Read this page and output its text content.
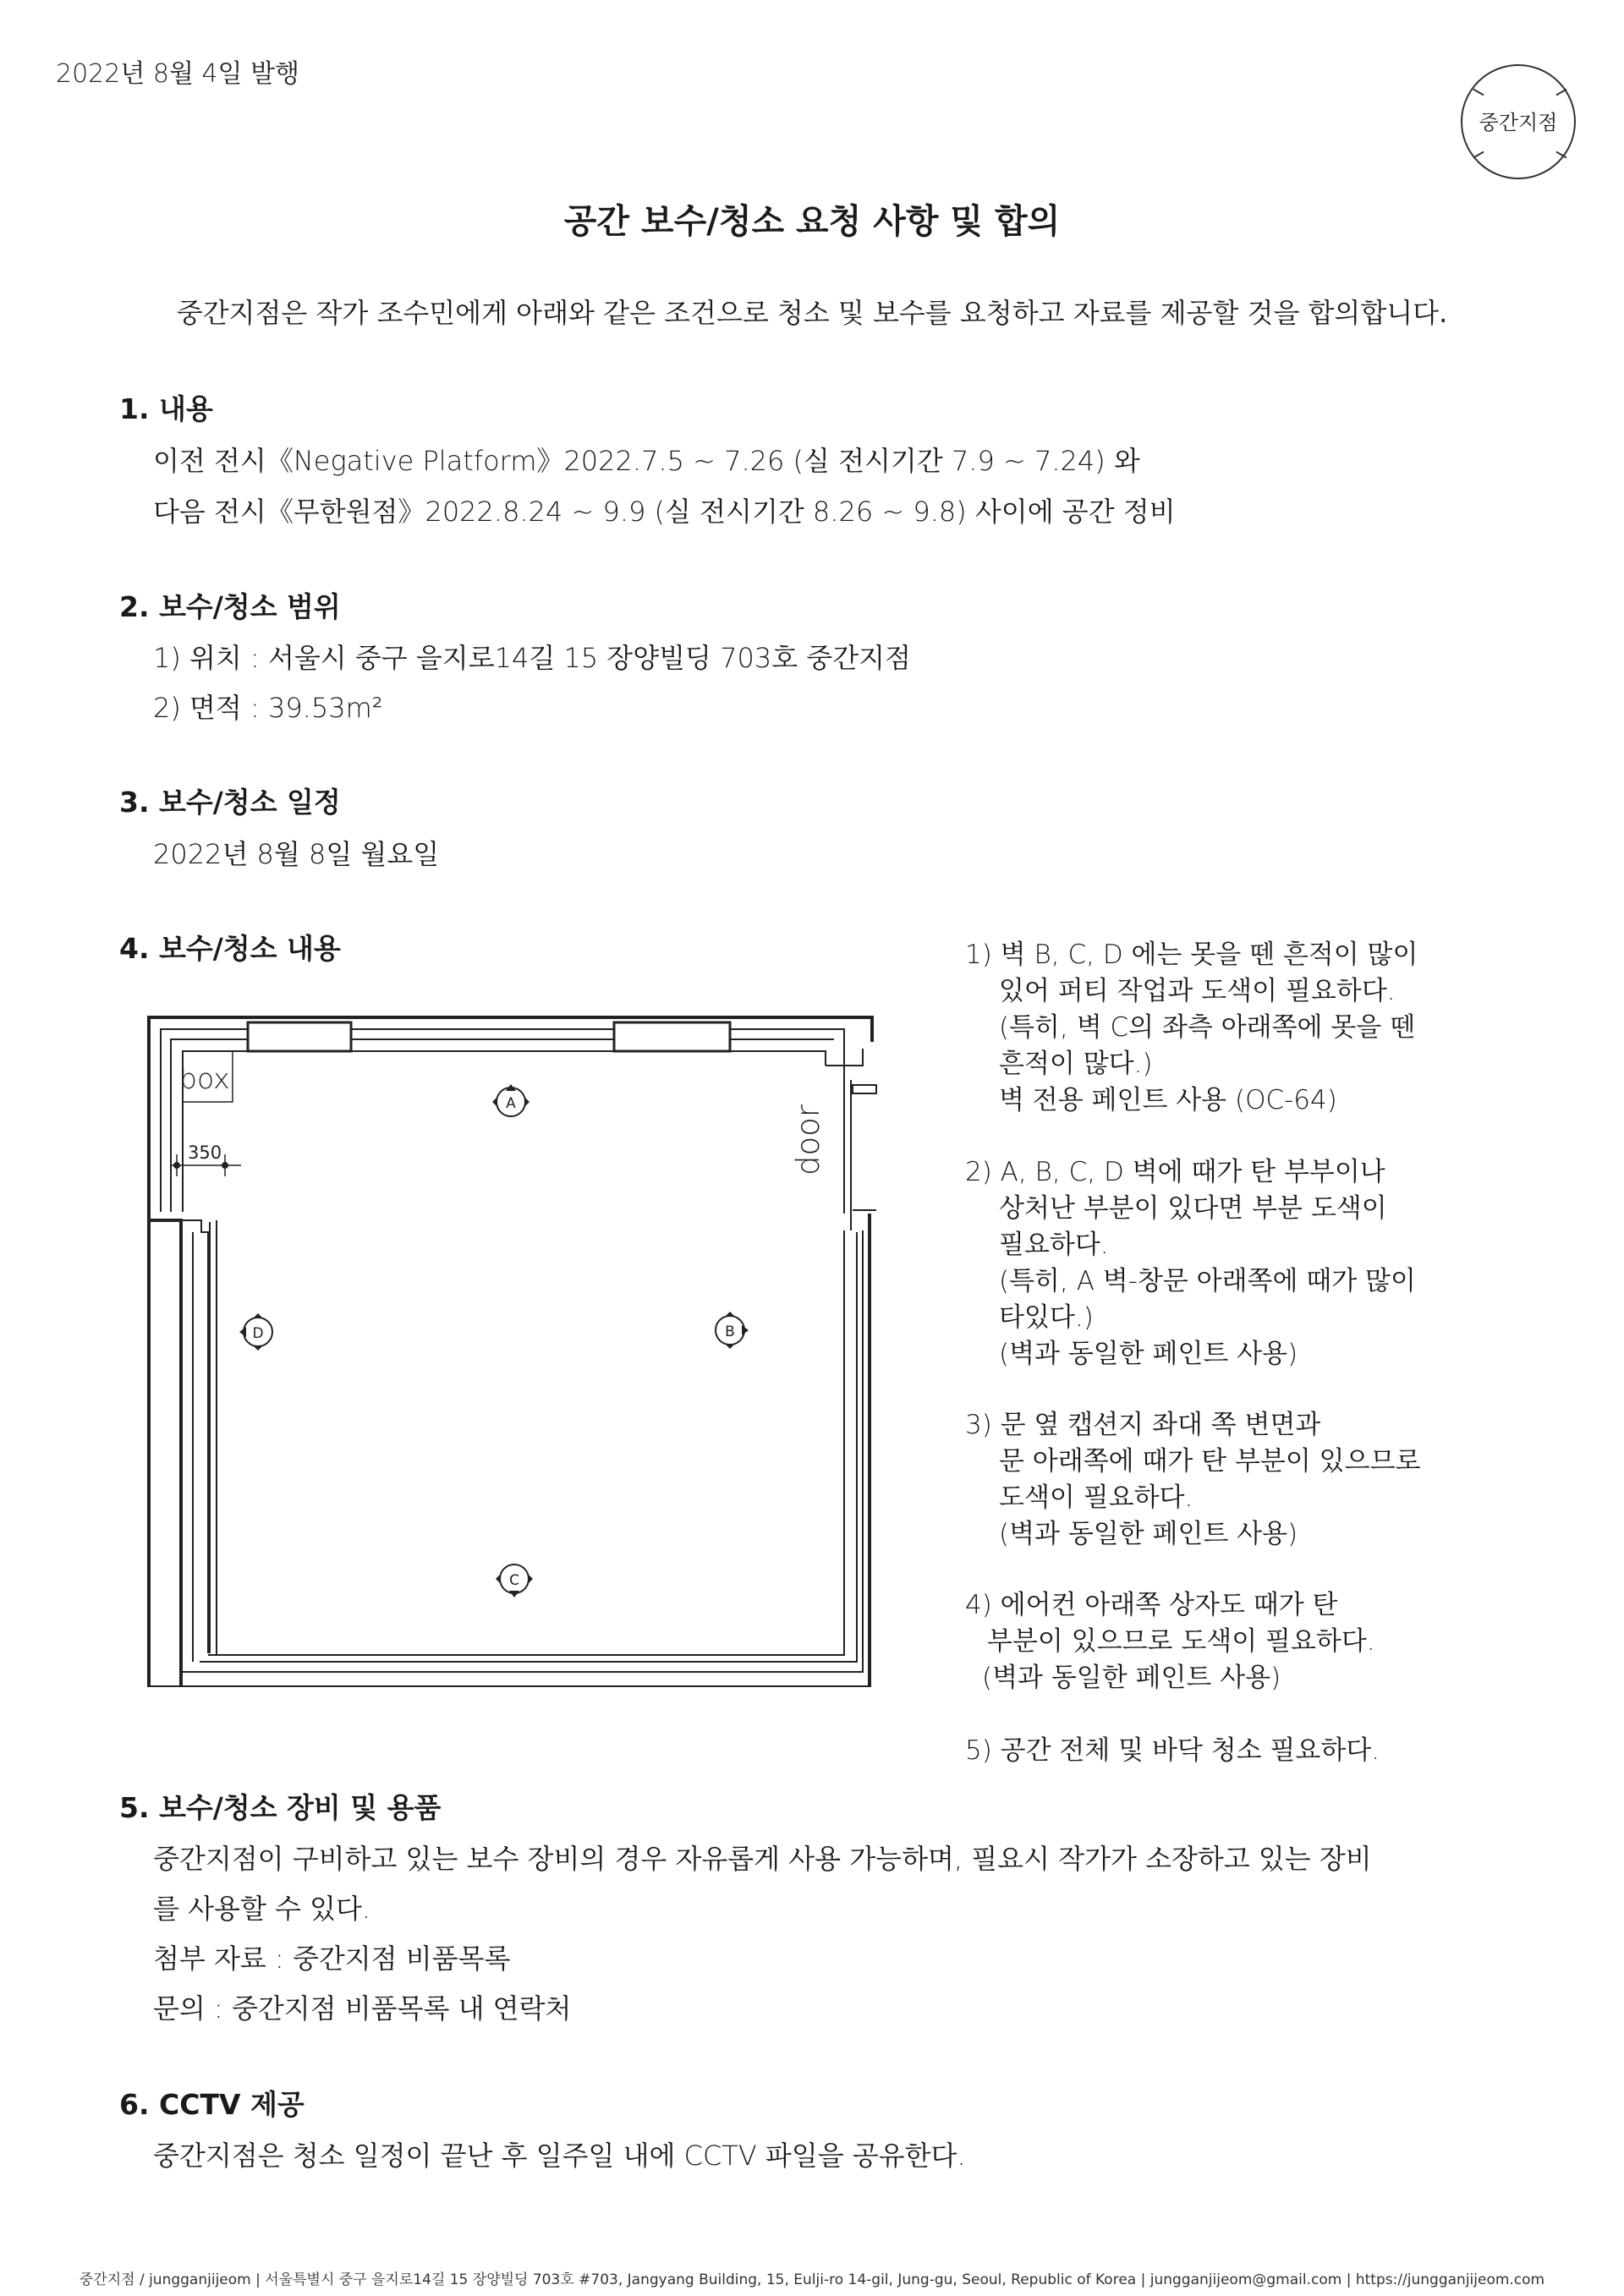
2022년 8월 4일 발행
중간지점
공간 보수/청소 요청 사항 및 합의
중간지점은 작가 조수민에게 아래와 같은 조건으로 청소 및 보수를 요청하고 자료를 제공할 것을 합의합니다.
1. 내용
이전 전시《Negative Platform》2022.7.5 ~ 7.26 (실 전시기간 7.9 ~ 7.24) 와
다음 전시《무한원점》2022.8.24 ~ 9.9 (실 전시기간 8.26 ~ 9.8) 사이에 공간 정비
2. 보수/청소 범위
1) 위치 : 서울시 중구 을지로14길 15 장양빌딩 703호 중간지점
2) 면적 : 39.53m²
3. 보수/청소 일정
2022년 8월 8일 월요일
4. 보수/청소 내용	1) 벽 B, C, D 에는 못을 뗀 흔적이 많이
있어 퍼티 작업과 도색이 필요하다.
(특히, 벽 C의 좌측 아래쪽에 못을 뗀
흔적이 많다.)
벽 전용 페인트 사용 (OC-64)
2) A, B, C, D 벽에 때가 탄 부부이나
상처난 부분이 있다면 부분 도색이
필요하다.
(특히, A 벽-창문 아래쪽에 때가 많이
타있다.)
(벽과 동일한 페인트 사용)
3) 문 옆 캡션지 좌대 쪽 변면과
문 아래쪽에 때가 탄 부분이 있으므로
도색이 필요하다.
(벽과 동일한 페인트 사용)
4) 에어컨 아래쪽 상자도 때가 탄
부분이 있으므로 도색이 필요하다.
(벽과 동일한 페인트 사용)
5) 공간 전체 및 바닥 청소 필요하다.
box
350	door
A
B
C
D
5. 보수/청소 장비 및 용품
중간지점이 구비하고 있는 보수 장비의 경우 자유롭게 사용 가능하며, 필요시 작가가 소장하고 있는 장비
를 사용할 수 있다.
첨부 자료 : 중간지점 비품목록
문의 : 중간지점 비품목록 내 연락처
6. CCTV 제공
중간지점은 청소 일정이 끝난 후 일주일 내에 CCTV 파일을 공유한다.
중간지점 / jungganjijeom | 서울특별시 중구 을지로14길 15 장양빌딩 703호 #703, Jangyang Building, 15, Eulji-ro 14-gil, Jung-gu, Seoul, Republic of Korea | jungganjijeom@gmail.com | https://jungganjijeom.com
